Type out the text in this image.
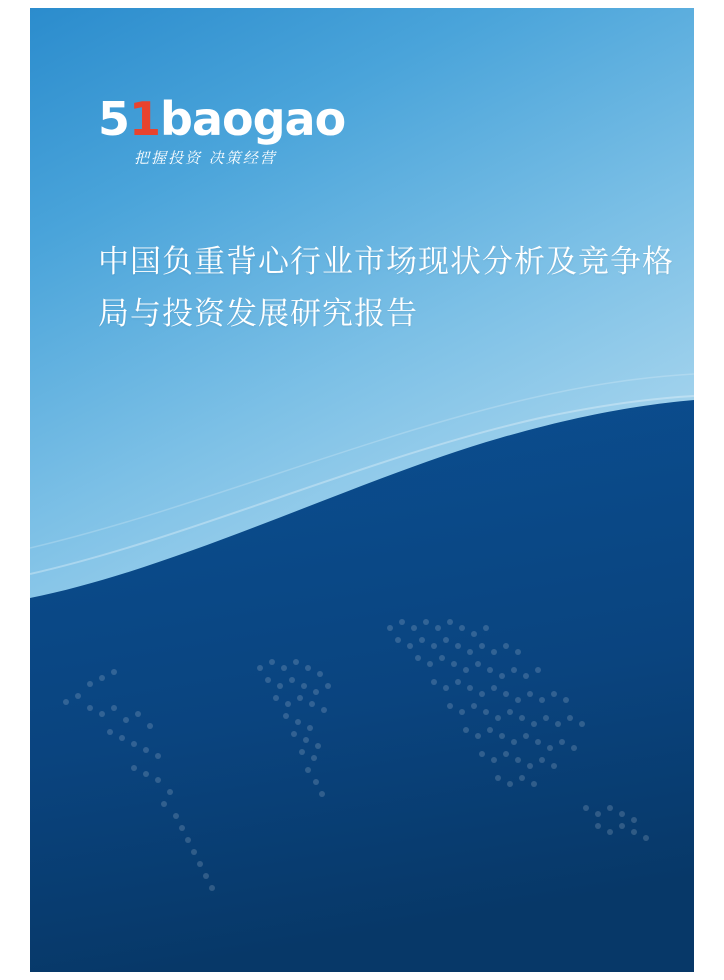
51baogao
把握投资 决策经营
中国负重背心行业市场现状分析及竞争格局与投资发展研究报告
